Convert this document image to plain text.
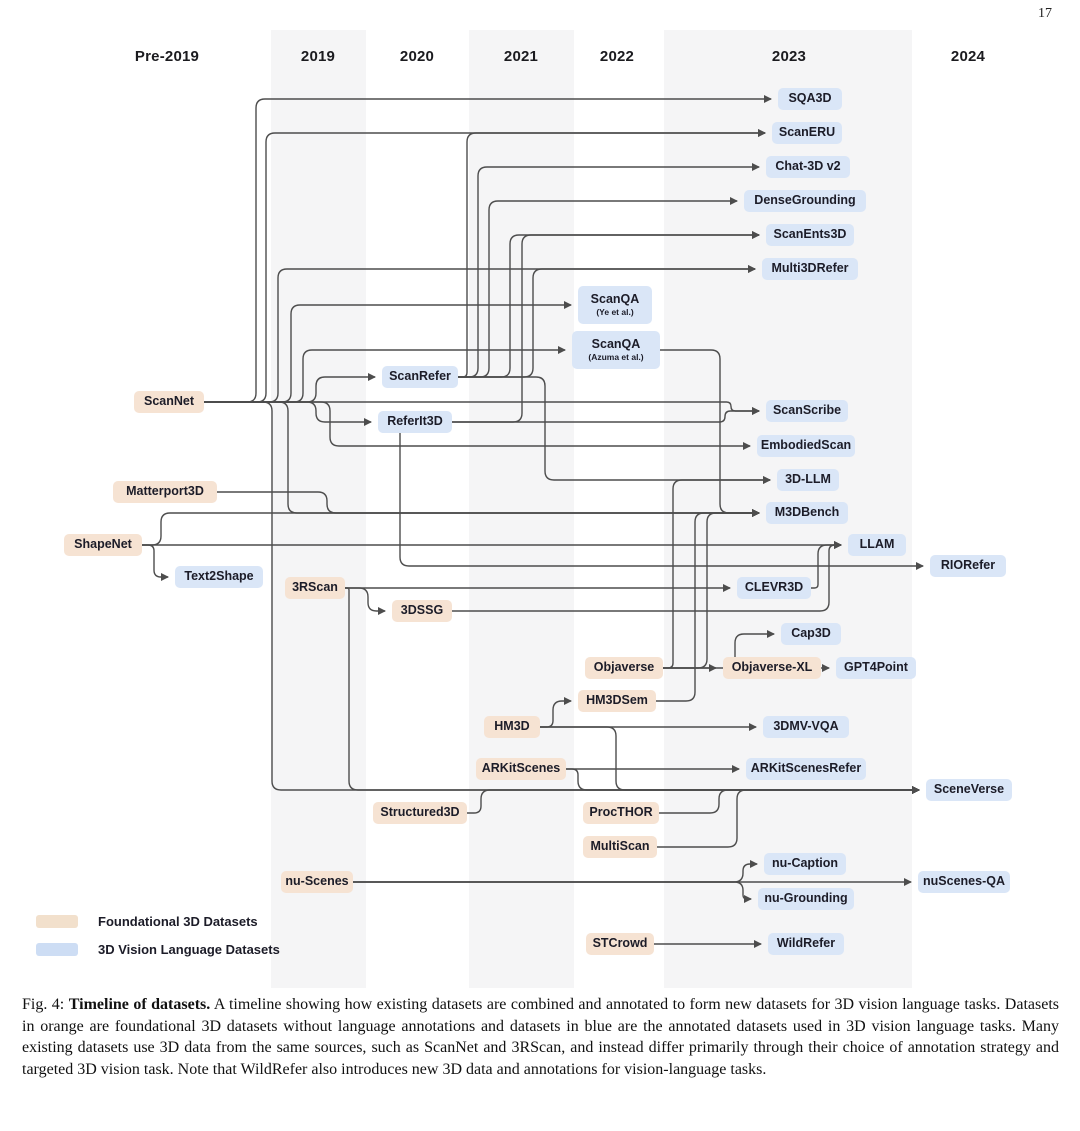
17
Pre-2019	2019	2020	2021	2022	2023	2024
SQA3D
ScanERU
Chat-3D v2
DenseGrounding
ScanEnts3D
Multi3DRefer
ScanQA
(Ye et al.)
ScanQA
(Azuma et al.)
ScanRefer
ScanNet
ReferIt3D
ScanScribe
EmbodiedScan
Matterport3D
3D-LLM
M3DBench
ShapeNet	LLAM
RIORefer
Text2Shape
3RScan	CLEVR3D
3DSSG
Cap3D
Objaverse	Objaverse-XL	GPT4Point
HM3DSem
HM3D	3DMV-VQA
ARKitScenes	ARKitScenesRefer
SceneVerse
Structured3D	ProcTHOR
MultiScan
nu-Scenes
nu-Caption
nu-Grounding
nuScenes-QA
STCrowd	WildRefer
Foundational 3D Datasets
3D Vision Language Datasets
Fig. 4: Timeline of datasets. A timeline showing how existing datasets are combined and annotated to form new datasets for 3D vision language tasks. Datasets in orange are foundational 3D datasets without language annotations and datasets in blue are the annotated datasets used in 3D vision language tasks. Many existing datasets use 3D data from the same sources, such as ScanNet and 3RScan, and instead differ primarily through their choice of annotation strategy and targeted 3D vision task. Note that WildRefer also introduces new 3D data and annotations for vision-language tasks.
